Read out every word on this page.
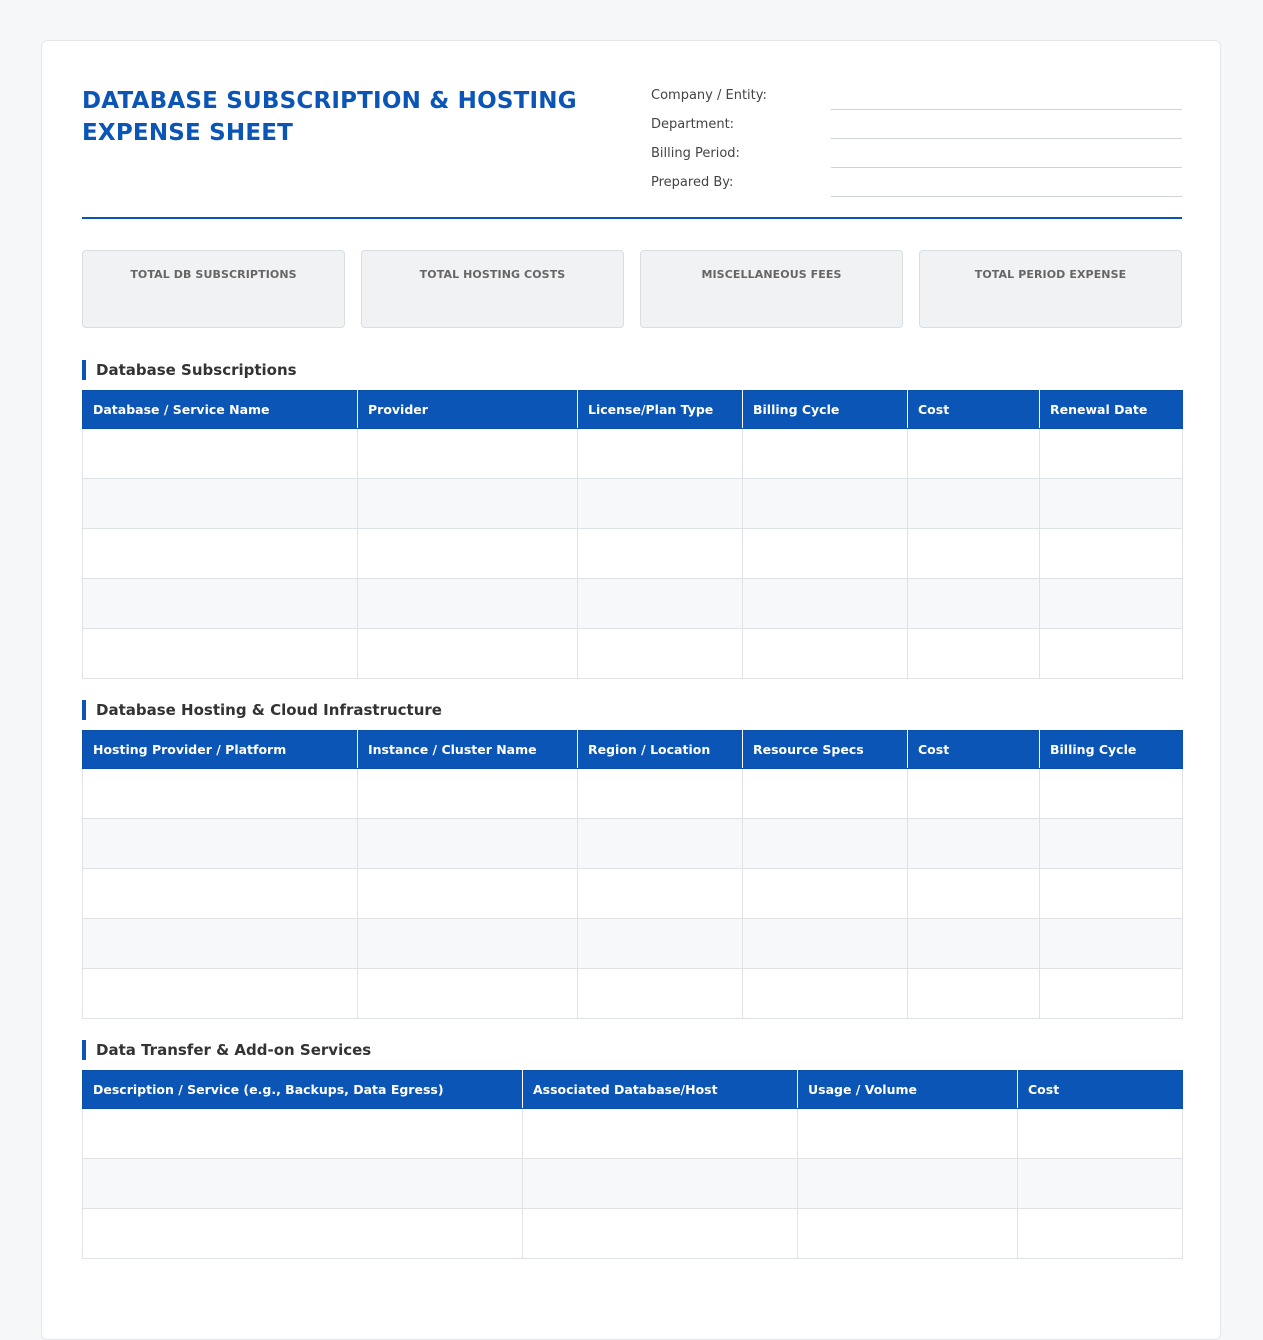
DATABASE SUBSCRIPTION & HOSTING EXPENSE SHEET
Company / Entity:
Department:
Billing Period:
Prepared By:
TOTAL DB SUBSCRIPTIONS	TOTAL HOSTING COSTS	MISCELLANEOUS FEES	TOTAL PERIOD EXPENSE
Database Subscriptions
Database / Service Name	Provider	License/Plan Type	Billing Cycle	Cost	Renewal Date

Database Hosting & Cloud Infrastructure
Hosting Provider / Platform	Instance / Cluster Name	Region / Location	Resource Specs	Cost	Billing Cycle

Data Transfer & Add-on Services
Description / Service (e.g., Backups, Data Egress)	Associated Database/Host	Usage / Volume	Cost
